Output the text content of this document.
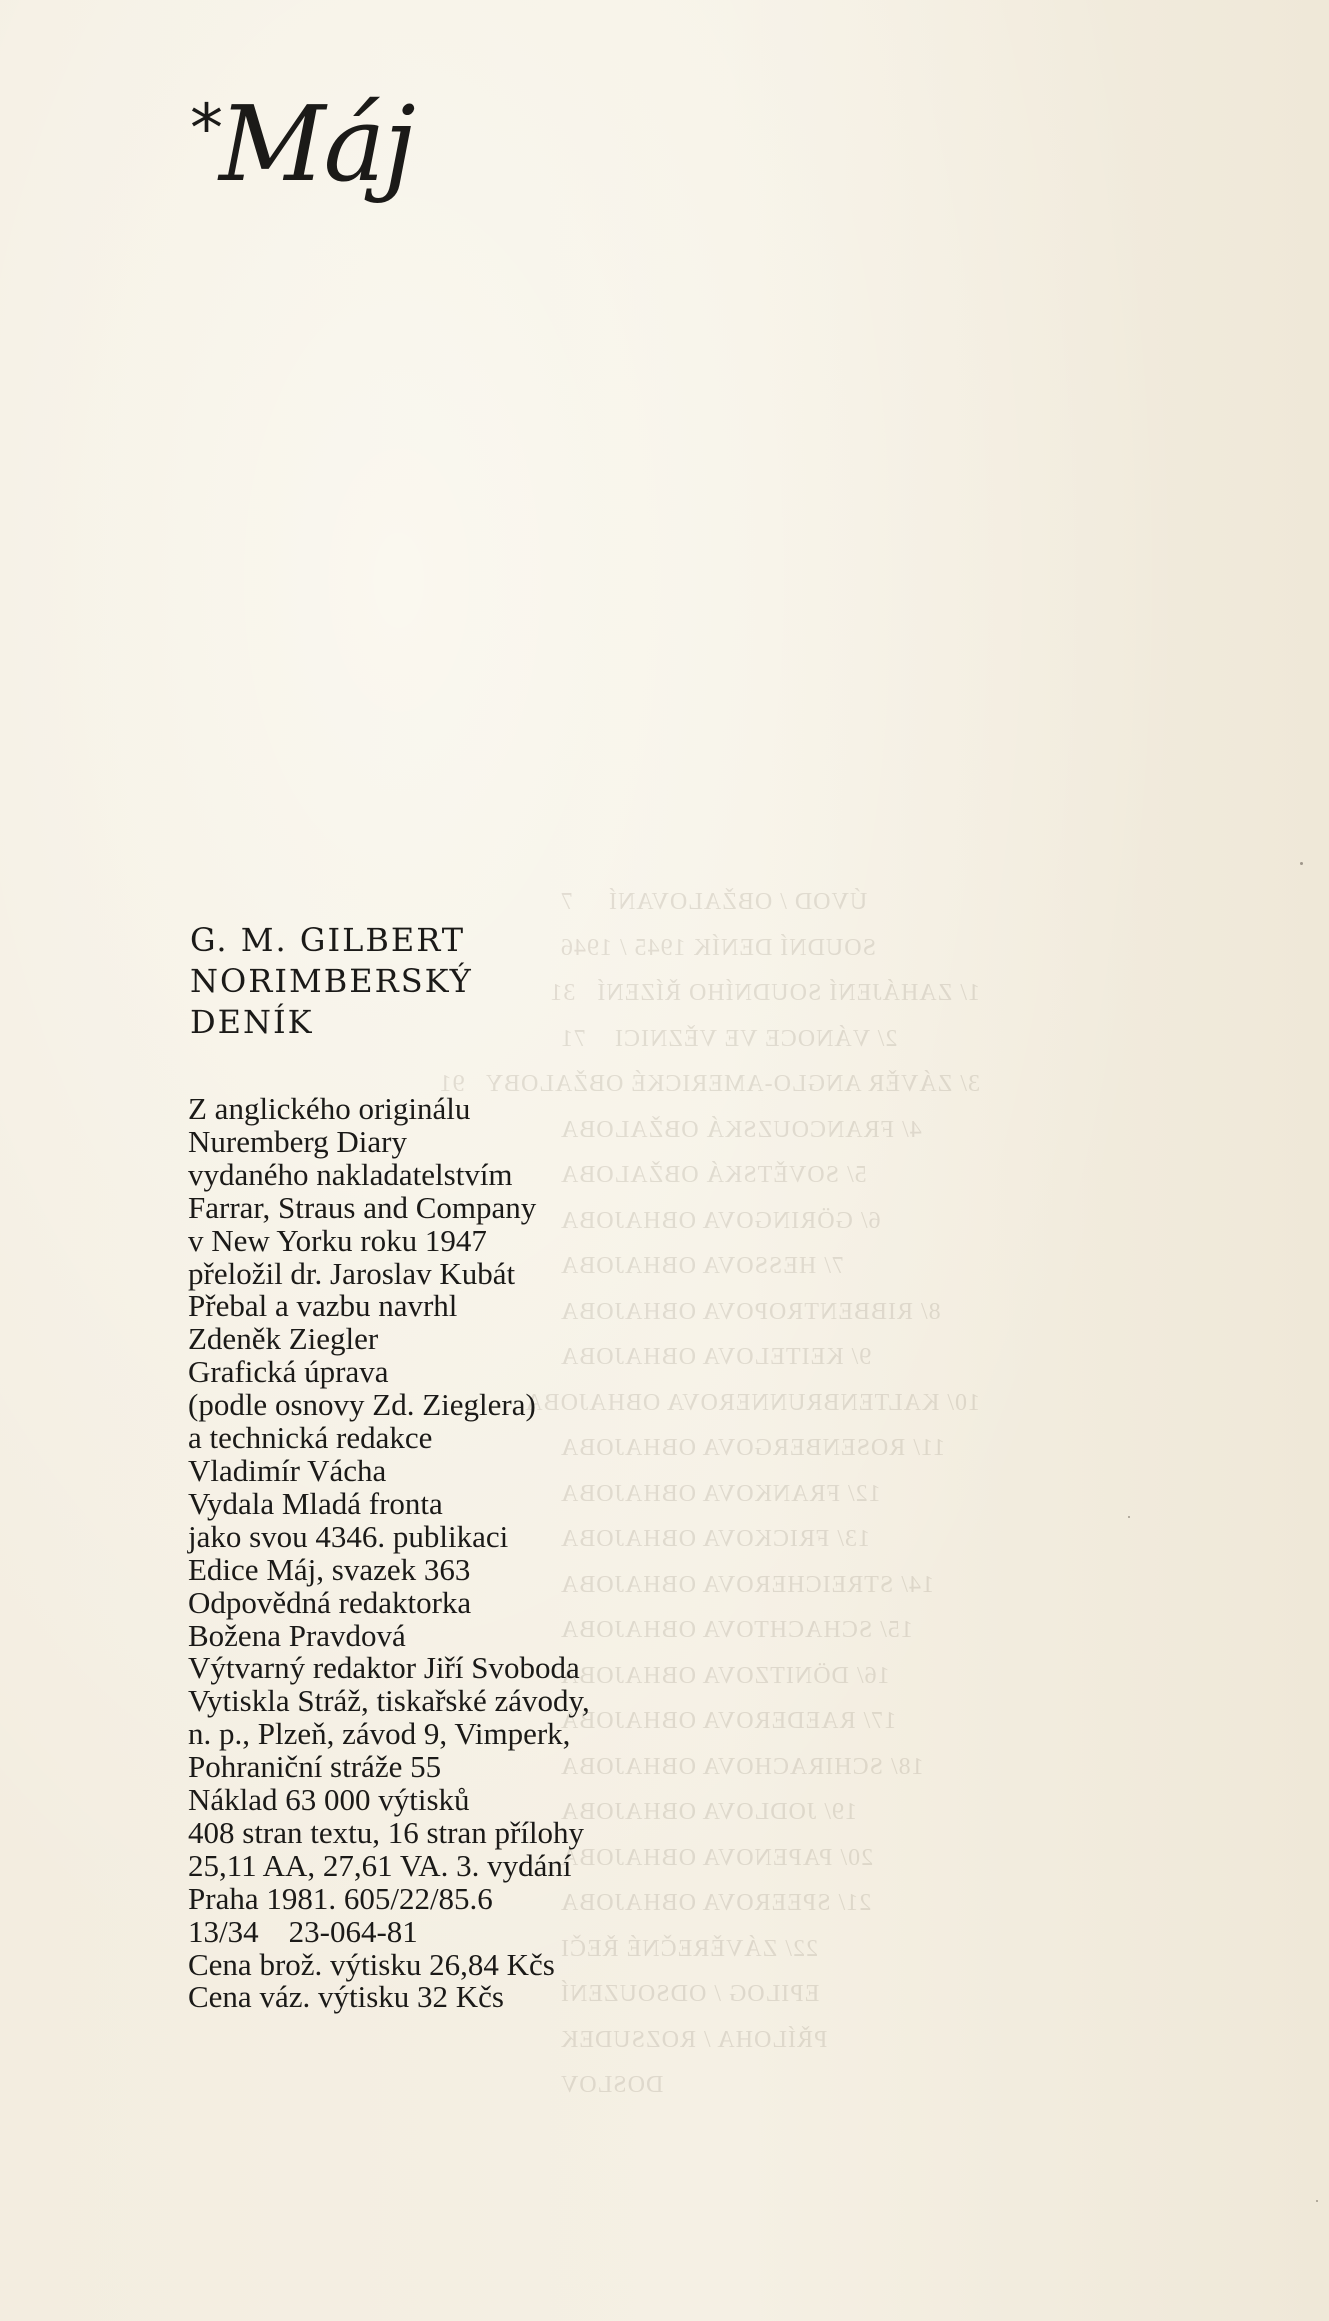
ÚVOD / OBŽALOVANÍ     7
SOUDNÍ DENÍK 1945 / 1946
1/ ZAHÁJENÍ SOUDNÍHO ŘÍZENÍ   31
2/ VÁNOCE VE VĚZNICI    71
3/ ZÁVĚR ANGLO-AMERICKÉ OBŽALOBY   91
4/ FRANCOUZSKÁ OBŽALOBA
5/ SOVĚTSKÁ OBŽALOBA
6/ GÖRINGOVA OBHAJOBA
7/ HESSOVA OBHAJOBA
8/ RIBBENTROPOVA OBHAJOBA
9/ KEITELOVA OBHAJOBA
10/ KALTENBRUNNEROVA OBHAJOBA
11/ ROSENBERGOVA OBHAJOBA
12/ FRANKOVA OBHAJOBA
13/ FRICKOVA OBHAJOBA
14/ STREICHEROVA OBHAJOBA
15/ SCHACHTOVA OBHAJOBA
16/ DÖNITZOVA OBHAJOBA
17/ RAEDEROVA OBHAJOBA
18/ SCHIRACHOVA OBHAJOBA
19/ JODLOVA OBHAJOBA
20/ PAPENOVA OBHAJOBA
21/ SPEEROVA OBHAJOBA
22/ ZÁVĚREČNÉ ŘEČI
EPILOG / ODSOUZENÍ
PŘÍLOHA / ROZSUDEK
DOSLOV
*
Máj
G. M. GILBERT
NORIMBERSKÝ
DENÍK
Z anglického originálu
Nuremberg Diary
vydaného nakladatelstvím
Farrar, Straus and Company
v New Yorku roku 1947
přeložil dr. Jaroslav Kubát
Přebal a vazbu navrhl
Zdeněk Ziegler
Grafická úprava
(podle osnovy Zd. Zieglera)
a technická redakce
Vladimír Vácha
Vydala Mladá fronta
jako svou 4346. publikaci
Edice Máj, svazek 363
Odpovědná redaktorka
Božena Pravdová
Výtvarný redaktor Jiří Svoboda
Vytiskla Stráž, tiskařské závody,
n. p., Plzeň, závod 9, Vimperk,
Pohraniční stráže 55
Náklad 63 000 výtisků
408 stran textu, 16 stran přílohy
25,11 AA, 27,61 VA. 3. vydání
Praha 1981. 605/22/85.6
13/34 23-064-81
Cena brož. výtisku 26,84 Kčs
Cena váz. výtisku 32 Kčs
